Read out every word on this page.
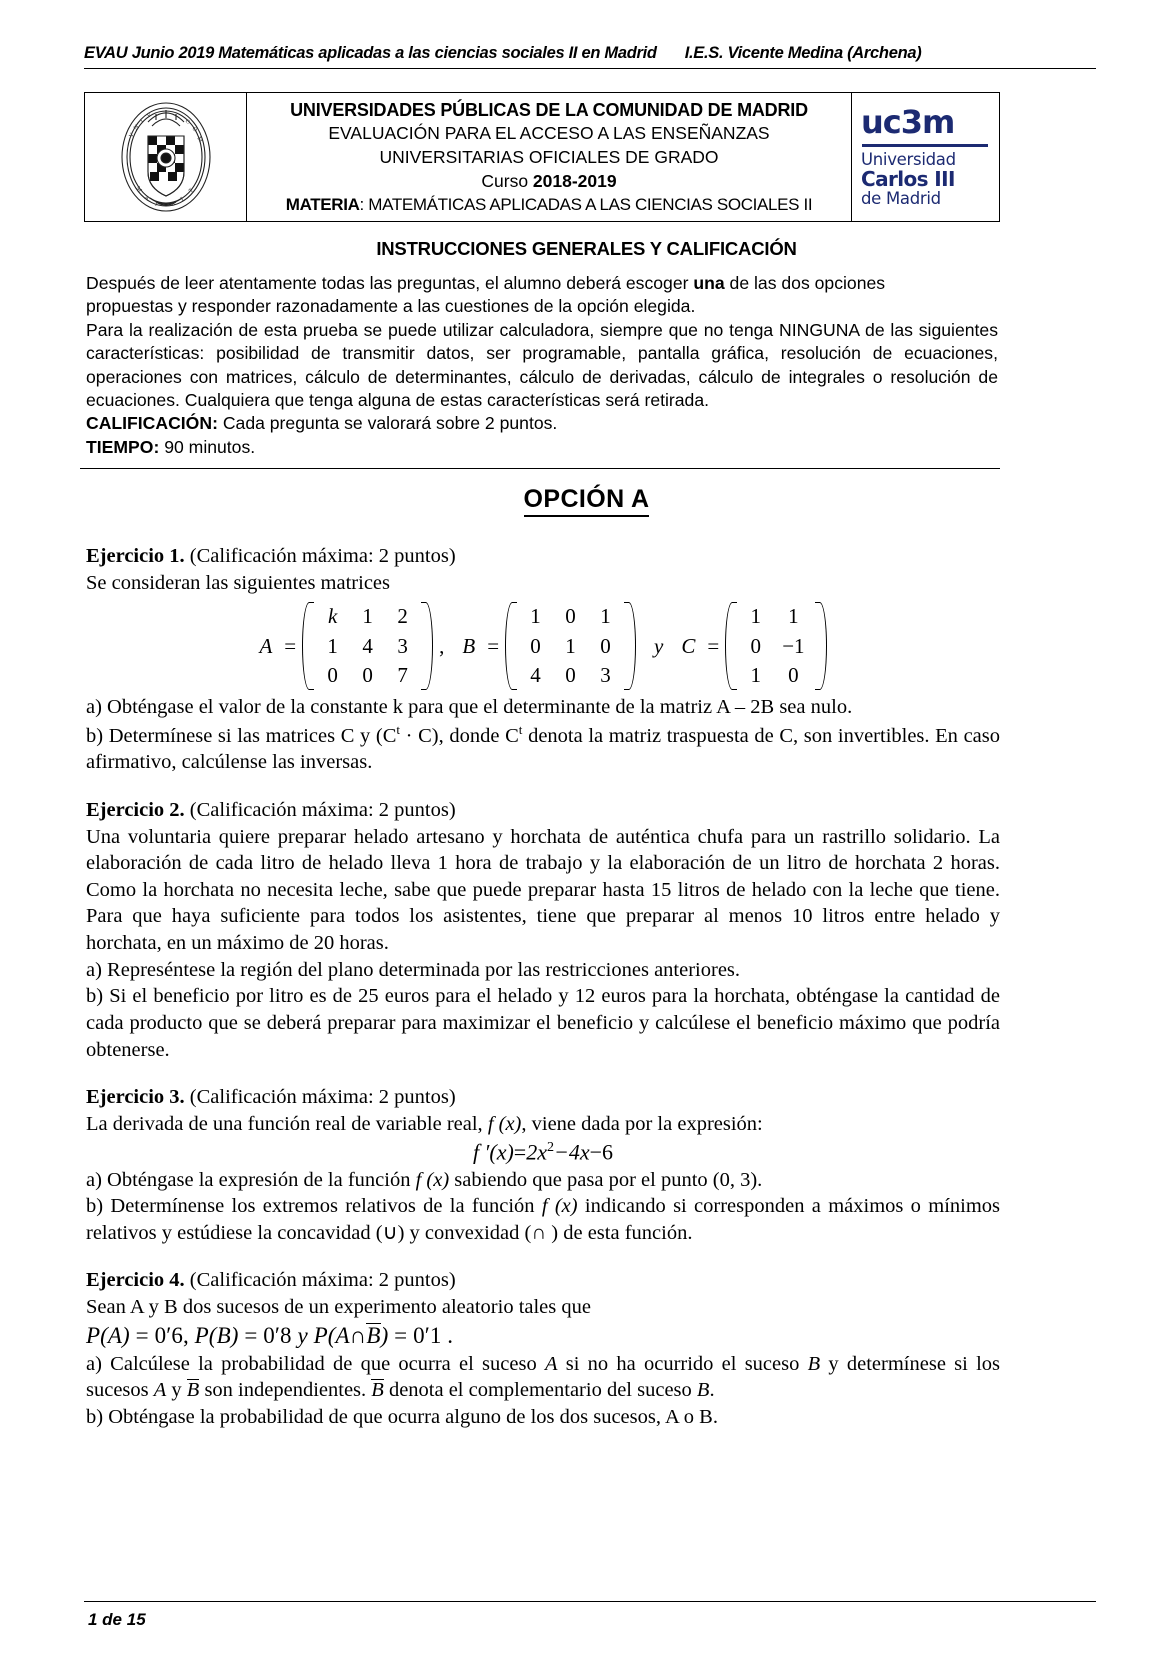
EVAU Junio 2019 Matemáticas aplicadas a las ciencias sociales II en Madrid I.E.S. Vicente Medina (Archena)
V
N
I
V
C
O
M
M
A
T R
I
T
UNIVERSIDADES PÚBLICAS DE LA COMUNIDAD DE MADRID
EVALUACIÓN PARA EL ACCESO A LAS ENSEÑANZAS
UNIVERSITARIAS OFICIALES DE GRADO
Curso 2018-2019
MATERIA: MATEMÁTICAS APLICADAS A LAS CIENCIAS SOCIALES II
uc3m
Universidad
Carlos III
de Madrid
INSTRUCCIONES GENERALES Y CALIFICACIÓN

Después de leer atentamente todas las preguntas, el alumno deberá escoger una de las dos opciones

propuestas y responder razonadamente a las cuestiones de la opción elegida.

Para la realización de esta prueba se puede utilizar calculadora, siempre que no tenga NINGUNA de las siguientes características: posibilidad de transmitir datos, ser programable, pantalla gráfica, resolución de ecuaciones, operaciones con matrices, cálculo de determinantes, cálculo de derivadas, cálculo de integrales o resolución de ecuaciones. Cualquiera que tenga alguna de estas características será retirada.

CALIFICACIÓN: Cada pregunta se valorará sobre 2 puntos.

TIEMPO: 90 minutos.

OPCIÓN A

Ejercicio 1. (Calificación máxima: 2 puntos)

Se consideran las siguientes matrices

A =
k	1	2
1	4	3
0	0	7
, B =
1	0	1
0	1	0
4	0	3
y C =
1	1
0	−1
1	0

a) Obténgase el valor de la constante k para que el determinante de la matriz A – 2B sea nulo.

b) Determínese si las matrices C y $(C^t \cdot C)$, donde $C^t$ denota la matriz traspuesta de C, son invertibles. En caso afirmativo, calcúlense las inversas.

Ejercicio 2. (Calificación máxima: 2 puntos)

Una voluntaria quiere preparar helado artesano y horchata de auténtica chufa para un rastrillo solidario. La elaboración de cada litro de helado lleva 1 hora de trabajo y la elaboración de un litro de horchata 2 horas. Como la horchata no necesita leche, sabe que puede preparar hasta 15 litros de helado con la leche que tiene. Para que haya suficiente para todos los asistentes, tiene que preparar al menos 10 litros entre helado y horchata, en un máximo de 20 horas.

a) Represéntese la región del plano determinada por las restricciones anteriores.

b) Si el beneficio por litro es de 25 euros para el helado y 12 euros para la horchata, obténgase la cantidad de cada producto que se deberá preparar para maximizar el beneficio y calcúlese el beneficio máximo que podría obtenerse.

Ejercicio 3. (Calificación máxima: 2 puntos)

La derivada de una función real de variable real, f (x), viene dada por la expresión:

f $'(x)=2x^2-4x-6$

a) Obténgase la expresión de la función f (x) sabiendo que pasa por el punto (0, 3).

b) Determínense los extremos relativos de la función f (x) indicando si corresponden a máximos o mínimos relativos y estúdiese la concavidad (∪) y convexidad (∩ ) de esta función.

Ejercicio 4. (Calificación máxima: 2 puntos)

Sean A y B dos sucesos de un experimento aleatorio tales que

P(A) = 0′6, P(B) = 0′8 y P(A∩B) = 0′1 .

a) Calcúlese la probabilidad de que ocurra el suceso A si no ha ocurrido el suceso B y determínese si los sucesos A y B son independientes. B denota el complementario del suceso B.

b) Obténgase la probabilidad de que ocurra alguno de los dos sucesos, A o B.

1 de 15
